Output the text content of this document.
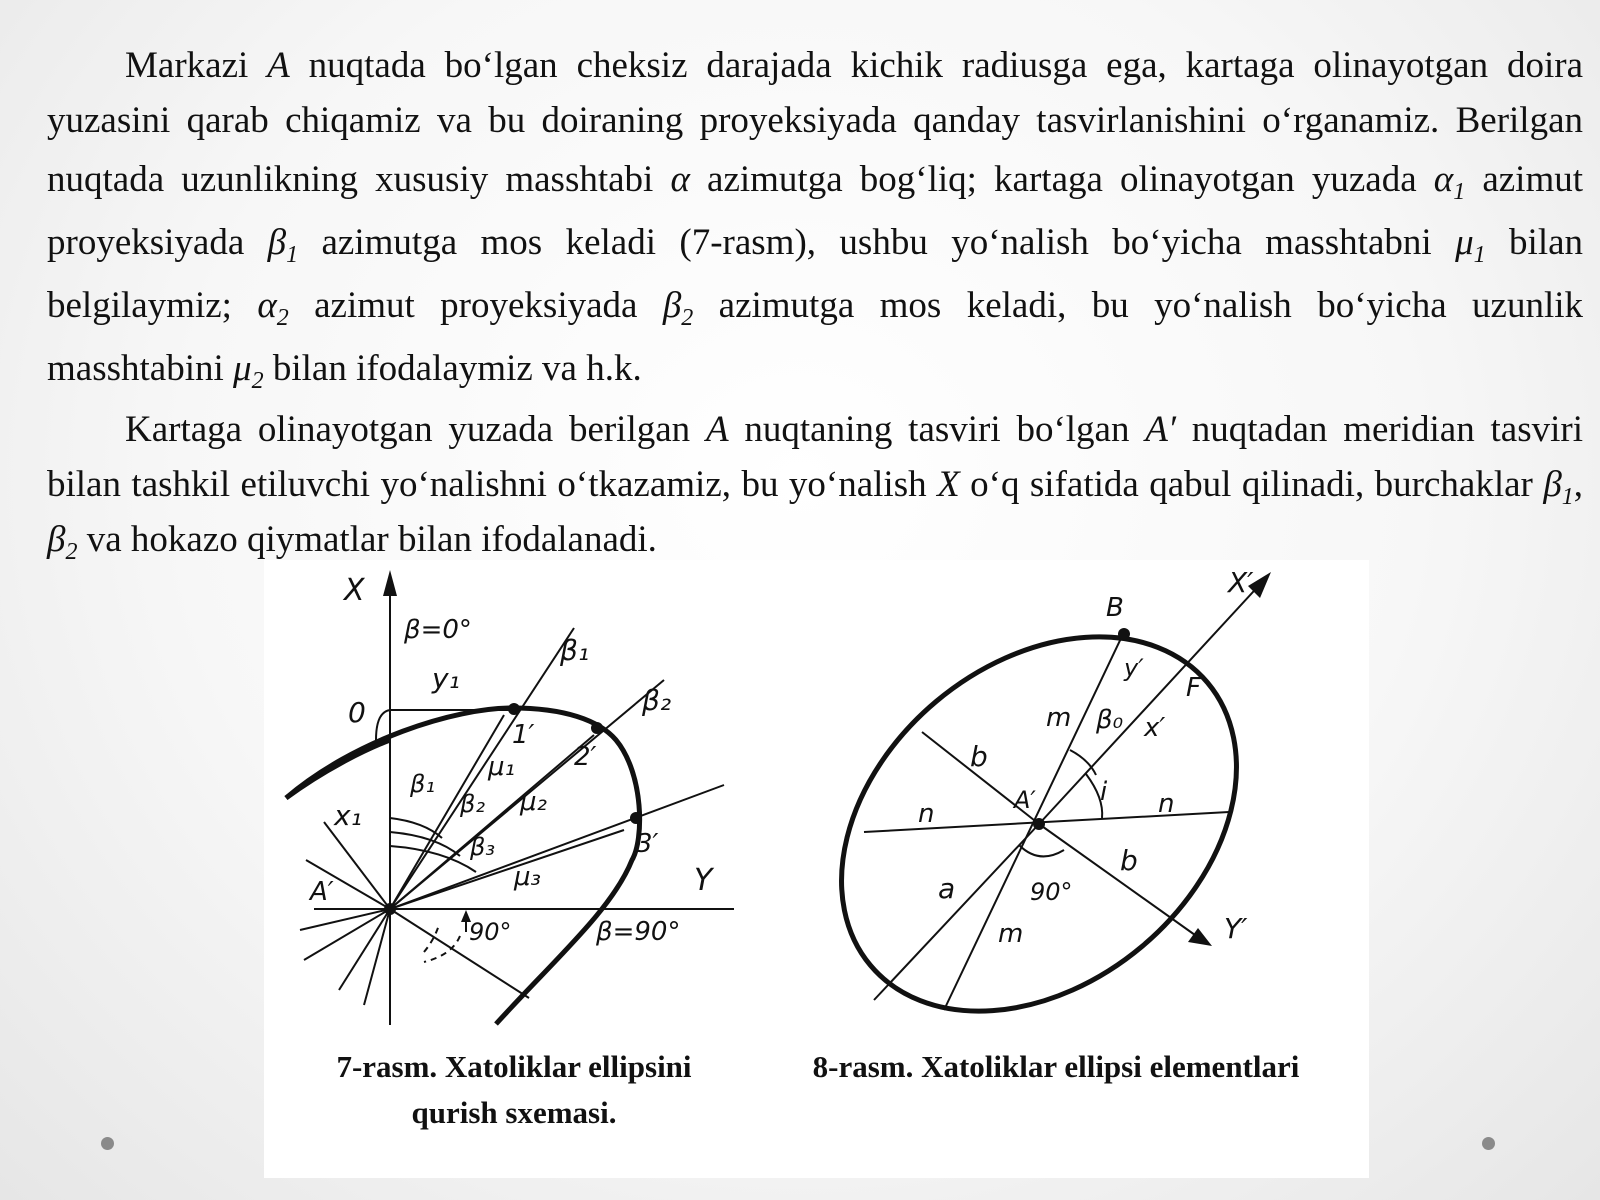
Markazi A nuqtada bo‘lgan cheksiz darajada kichik radiusga ega, kartaga olinayotgan doira yuzasini qarab chiqamiz va bu doiraning proyeksiyada qanday tasvirlanishini o‘rganamiz. Berilgan nuqtada uzunlikning xususiy masshtabi α azimutga bog‘liq; kartaga olinayotgan yuzada $\alpha_1$ azimut proyeksiyada $\beta_1$ azimutga mos keladi (7-rasm), ushbu yo‘nalish bo‘yicha masshtabni $\mu_1$ bilan belgilaymiz; $\alpha_2$ azimut proyeksiyada $\beta_2$ azimutga mos keladi, bu yo‘nalish bo‘yicha uzunlik masshtabini $\mu_2$ bilan ifodalaymiz va h.k.

Kartaga olinayotgan yuzada berilgan A nuqtaning tasviri bo‘lgan A′ nuqtadan meridian tasviri bilan tashkil etiluvchi yo‘nalishni o‘tkazamiz, bu yo‘nalish X o‘q sifatida qabul qilinadi, burchaklar $\beta_1$, $\beta_2$ va hokazo qiymatlar bilan ifodalanadi.

X
Y
β=0°
y₁
0
x₁
A′
β₁
β₂
1′
2′
3′
β₁
β₂
β₃
μ₁
μ₂
μ₃
90°	β=90°
X′
Y′
B
F
y′
x′
m β₀
b
A′ i
n	n
b
a	90°
m
7-rasm. Xatoliklar ellipsini
qurish sxemasi.
8-rasm. Xatoliklar ellipsi elementlari
